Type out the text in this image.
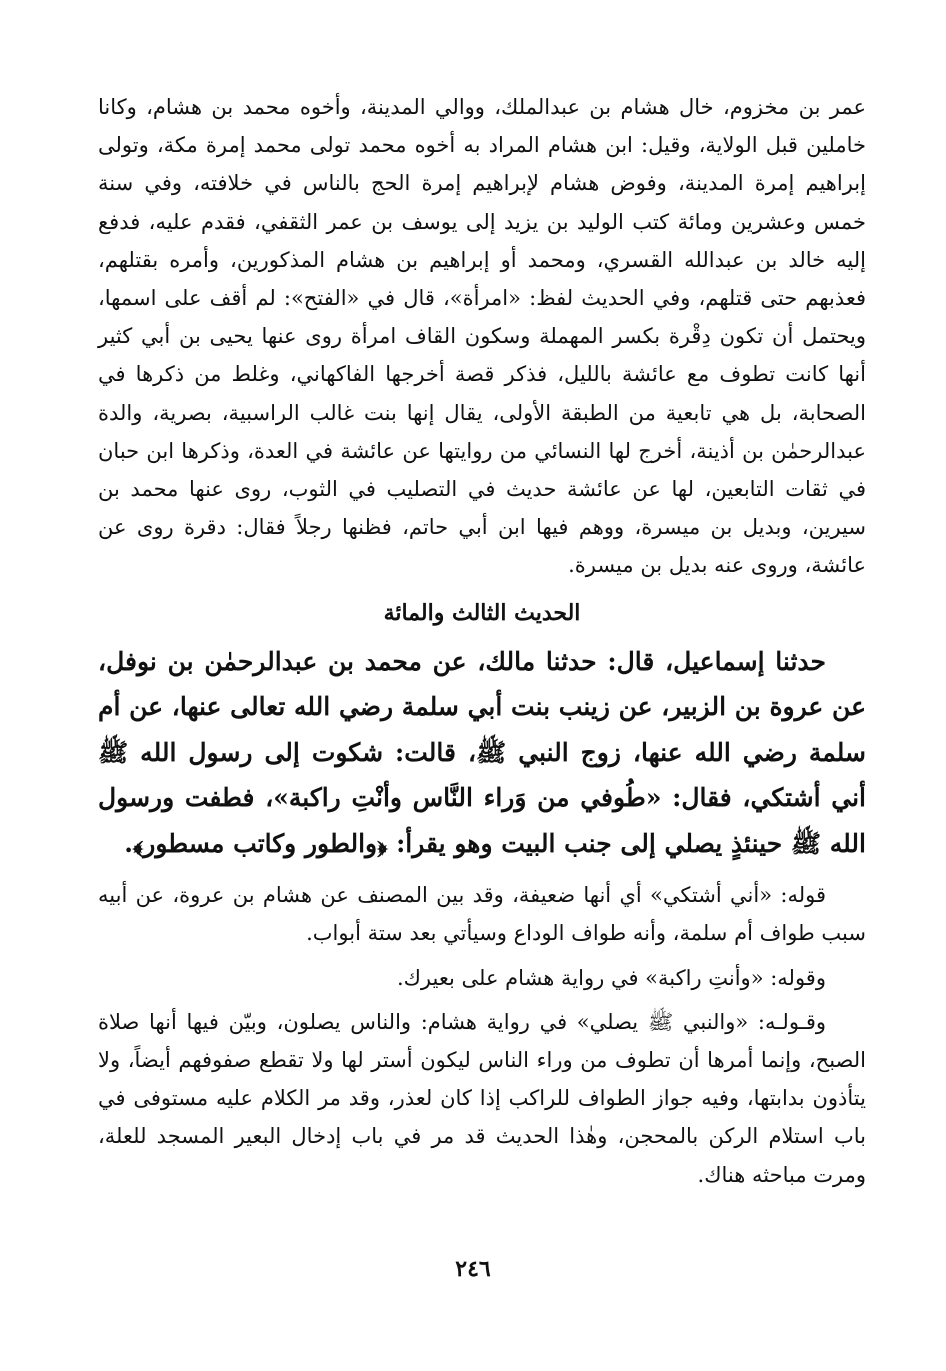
عمر بن مخزوم، خال هشام بن عبدالملك، ووالي المدينة، وأخوه محمد بن هشام، وكانا خاملين قبل الولاية، وقيل: ابن هشام المراد به أخوه محمد تولى محمد إمرة مكة، وتولى إبراهيم إمرة المدينة، وفوض هشام لإبراهيم إمرة الحج بالناس في خلافته، وفي سنة خمس وعشرين ومائة كتب الوليد بن يزيد إلى يوسف بن عمر الثقفي، فقدم عليه، فدفع إليه خالد بن عبدالله القسري، ومحمد أو إبراهيم بن هشام المذكورين، وأمره بقتلهم، فعذبهم حتى قتلهم، وفي الحديث لفظ: «امرأة»، قال في «الفتح»: لم أقف على اسمها، ويحتمل أن تكون دِقْرة بكسر المهملة وسكون القاف امرأة روى عنها يحيى بن أبي كثير أنها كانت تطوف مع عائشة بالليل، فذكر قصة أخرجها الفاكهاني، وغلط من ذكرها في الصحابة، بل هي تابعية من الطبقة الأولى، يقال إنها بنت غالب الراسبية، بصرية، والدة عبدالرحمٰن بن أذينة، أخرج لها النسائي من روايتها عن عائشة في العدة، وذكرها ابن حبان في ثقات التابعين، لها عن عائشة حديث في التصليب في الثوب، روى عنها محمد بن سيرين، وبديل بن ميسرة، ووهم فيها ابن أبي حاتم، فظنها رجلاً فقال: دقرة روى عن عائشة، وروى عنه بديل بن ميسرة.

الحديث الثالث والمائة

حدثنا إسماعيل، قال: حدثنا مالك، عن محمد بن عبدالرحمٰن بن نوفل، عن عروة بن الزبير، عن زينب بنت أبي سلمة رضي الله تعالى عنها، عن أم سلمة رضي الله عنها، زوج النبي ﷺ، قالت: شكوت إلى رسول الله ﷺ أني أشتكي، فقال: «طُوفي من وَراء النَّاس وأنْتِ راكبة»، فطفت ورسول الله ﷺ حينئذٍ يصلي إلى جنب البيت وهو يقرأ: ﴿والطور وكاتب مسطور﴾.

قوله: «أني أشتكي» أي أنها ضعيفة، وقد بين المصنف عن هشام بن عروة، عن أبيه سبب طواف أم سلمة، وأنه طواف الوداع وسيأتي بعد ستة أبواب.

وقوله: «وأنتِ راكبة» في رواية هشام على بعيرك.

وقـولـه: «والنبي ﷺ يصلي» في رواية هشام: والناس يصلون، وبيّن فيها أنها صلاة الصبح، وإنما أمرها أن تطوف من وراء الناس ليكون أستر لها ولا تقطع صفوفهم أيضاً، ولا يتأذون بدابتها، وفيه جواز الطواف للراكب إذا كان لعذر، وقد مر الكلام عليه مستوفى في باب استلام الركن بالمحجن، وهٰذا الحديث قد مر في باب إدخال البعير المسجد للعلة، ومرت مباحثه هناك.

٢٤٦
